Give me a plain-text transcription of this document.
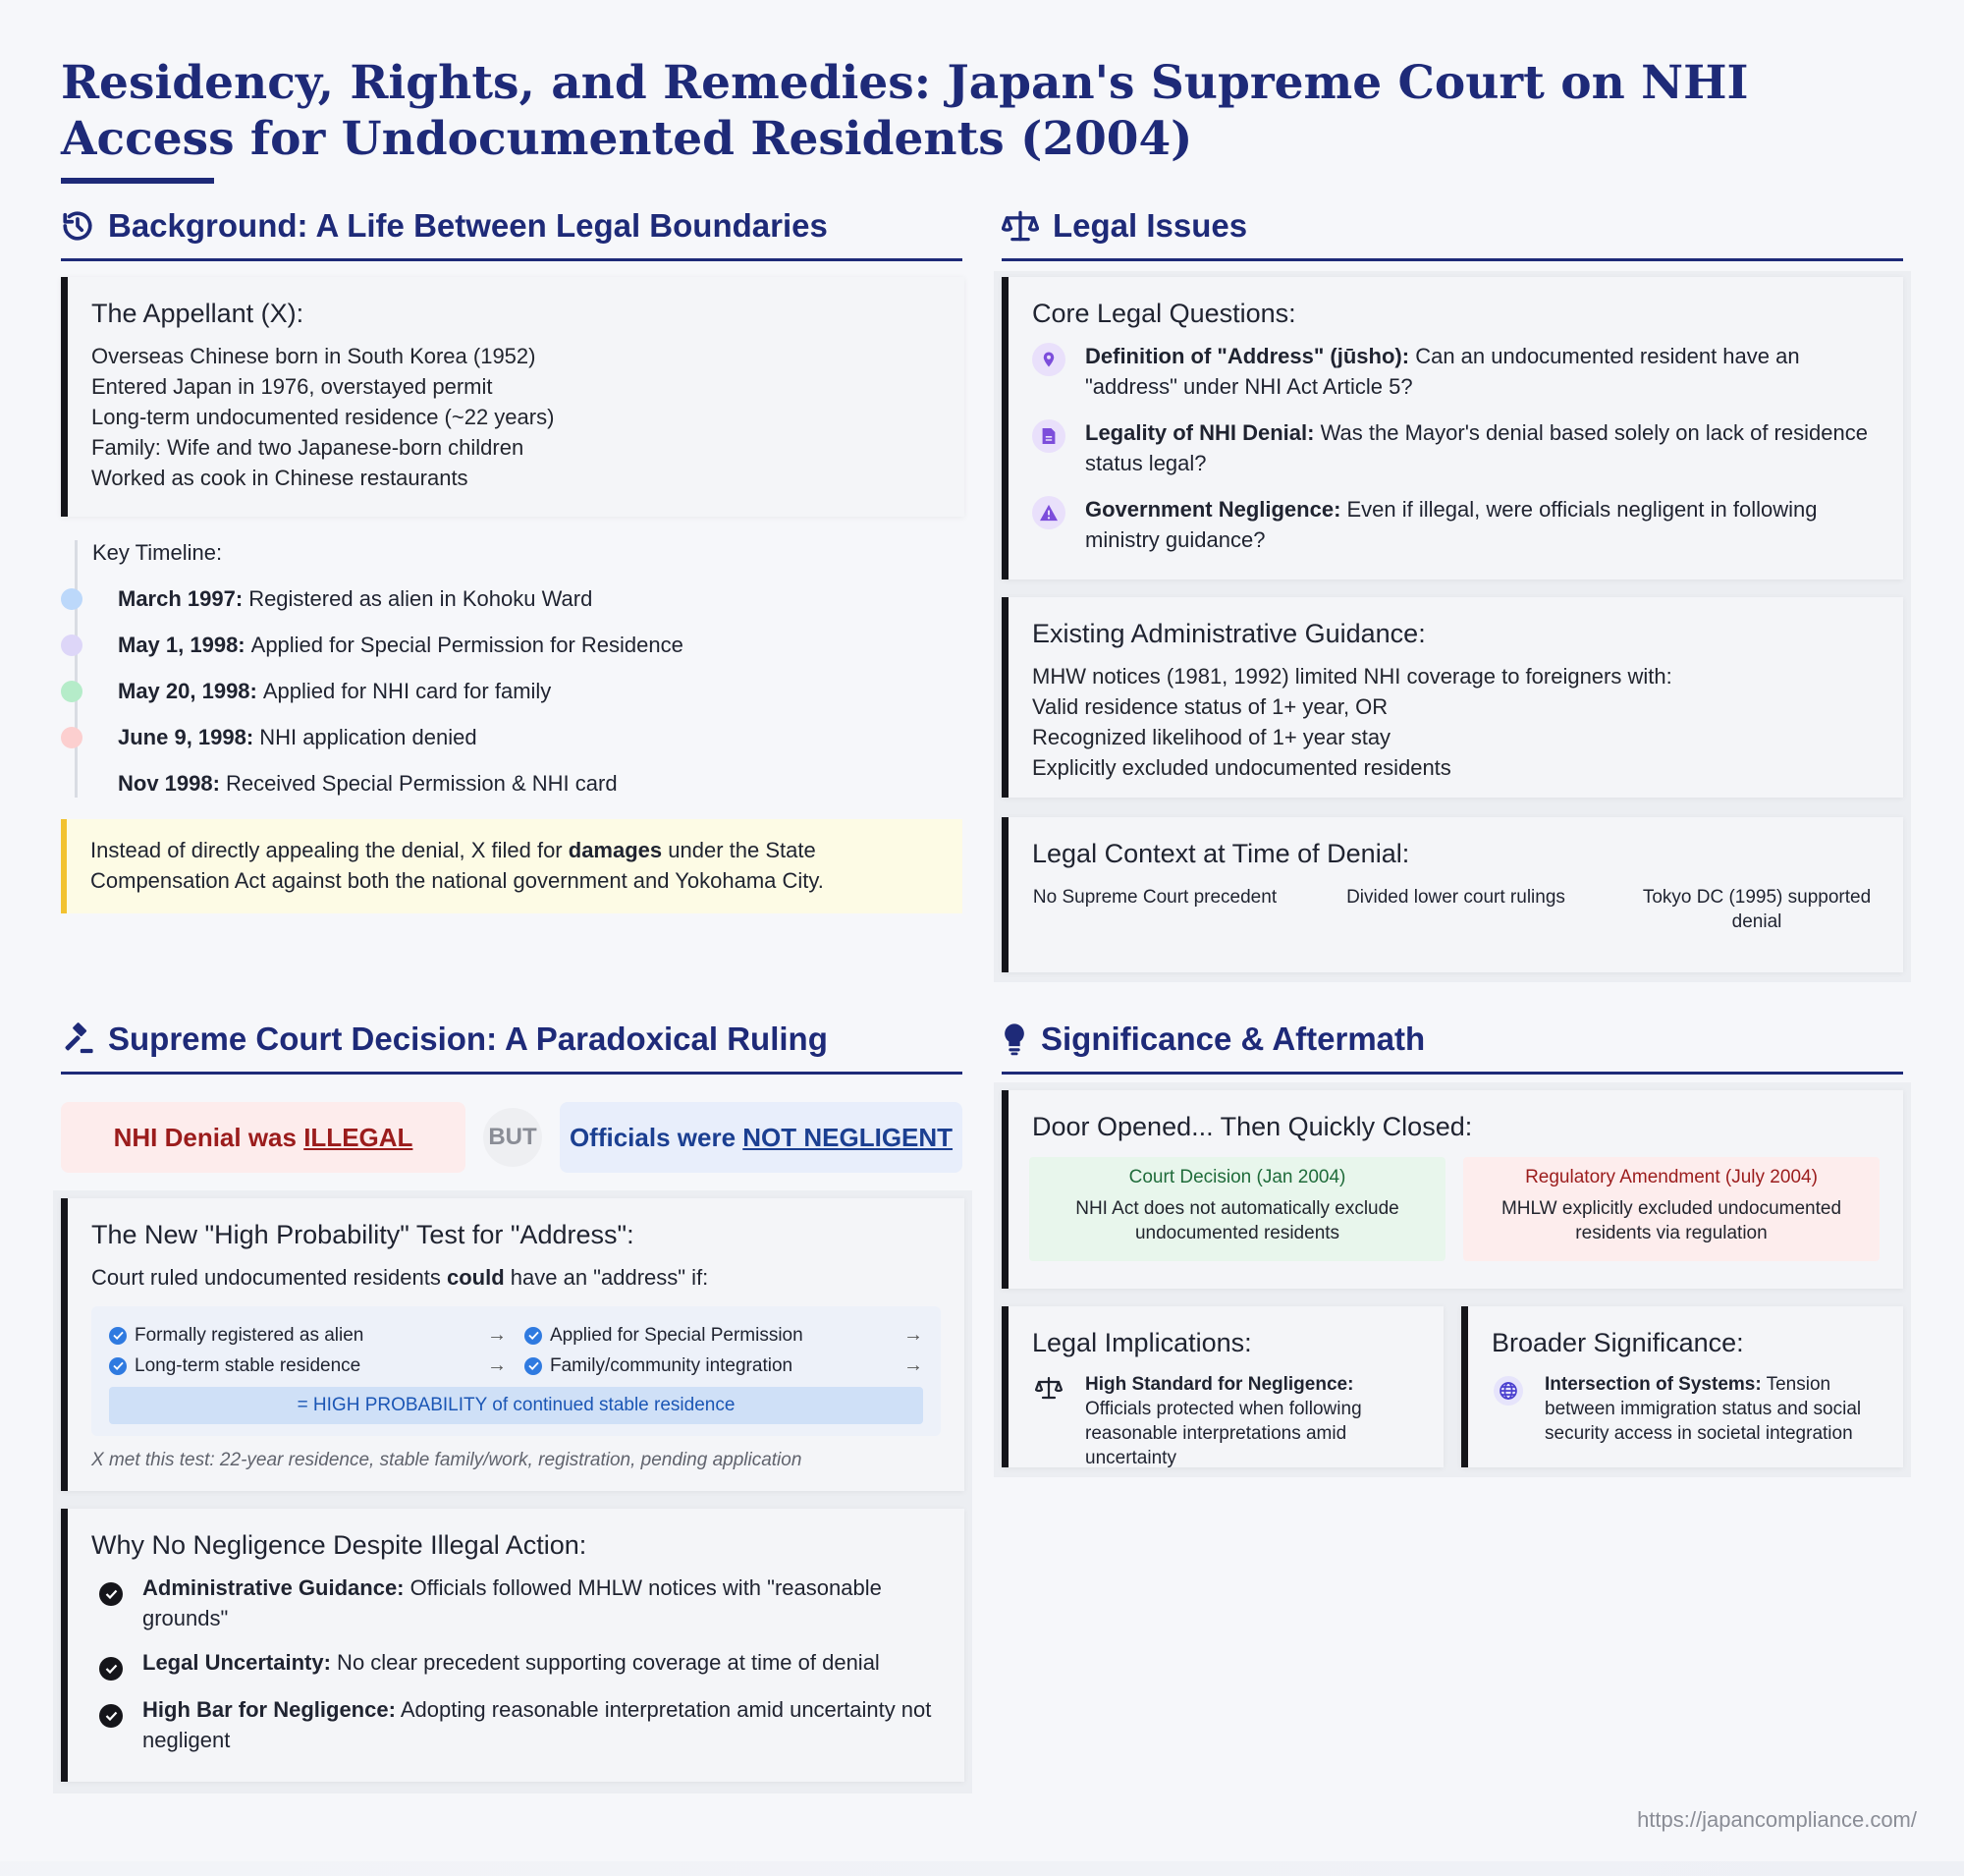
Residency, Rights, and Remedies: Japan's Supreme Court on NHI Access for Undocumented Residents (2004)
Background: A Life Between Legal Boundaries
The Appellant (X):
Overseas Chinese born in South Korea (1952)
Entered Japan in 1976, overstayed permit
Long-term undocumented residence (~22 years)
Family: Wife and two Japanese-born children
Worked as cook in Chinese restaurants
Key Timeline:
March 1997: Registered as alien in Kohoku Ward
May 1, 1998: Applied for Special Permission for Residence
May 20, 1998: Applied for NHI card for family
June 9, 1998: NHI application denied
Nov 1998: Received Special Permission & NHI card
Instead of directly appealing the denial, X filed for damages under the State Compensation Act against both the national government and Yokohama City.
Legal Issues
Core Legal Questions:
Definition of "Address" (jūsho): Can an undocumented resident have an "address" under NHI Act Article 5?
Legality of NHI Denial: Was the Mayor's denial based solely on lack of residence status legal?
Government Negligence: Even if illegal, were officials negligent in following ministry guidance?
Existing Administrative Guidance:
MHW notices (1981, 1992) limited NHI coverage to foreigners with:
Valid residence status of 1+ year, OR
Recognized likelihood of 1+ year stay
Explicitly excluded undocumented residents
Legal Context at Time of Denial:
No Supreme Court precedent	Divided lower court rulings	Tokyo DC (1995) supported denial
Supreme Court Decision: A Paradoxical Ruling
NHI Denial was ILLEGAL	BUT Officials were NOT NEGLIGENT
The New "High Probability" Test for "Address":
Court ruled undocumented residents could have an "address" if:
Formally registered as alien	→ Applied for Special Permission	→
Long-term stable residence	→ Family/community integration	→
= HIGH PROBABILITY of continued stable residence
X met this test: 22-year residence, stable family/work, registration, pending application
Why No Negligence Despite Illegal Action:
Administrative Guidance: Officials followed MHLW notices with "reasonable grounds"
Legal Uncertainty: No clear precedent supporting coverage at time of denial
High Bar for Negligence: Adopting reasonable interpretation amid uncertainty not negligent
Significance & Aftermath
Door Opened... Then Quickly Closed:
Court Decision (Jan 2004)
NHI Act does not automatically exclude undocumented residents
Regulatory Amendment (July 2004)
MHLW explicitly excluded undocumented residents via regulation
Legal Implications:
High Standard for Negligence: Officials protected when following reasonable interpretations amid uncertainty
Broader Significance:
Intersection of Systems: Tension between immigration status and social security access in societal integration
https://japancompliance.com/
